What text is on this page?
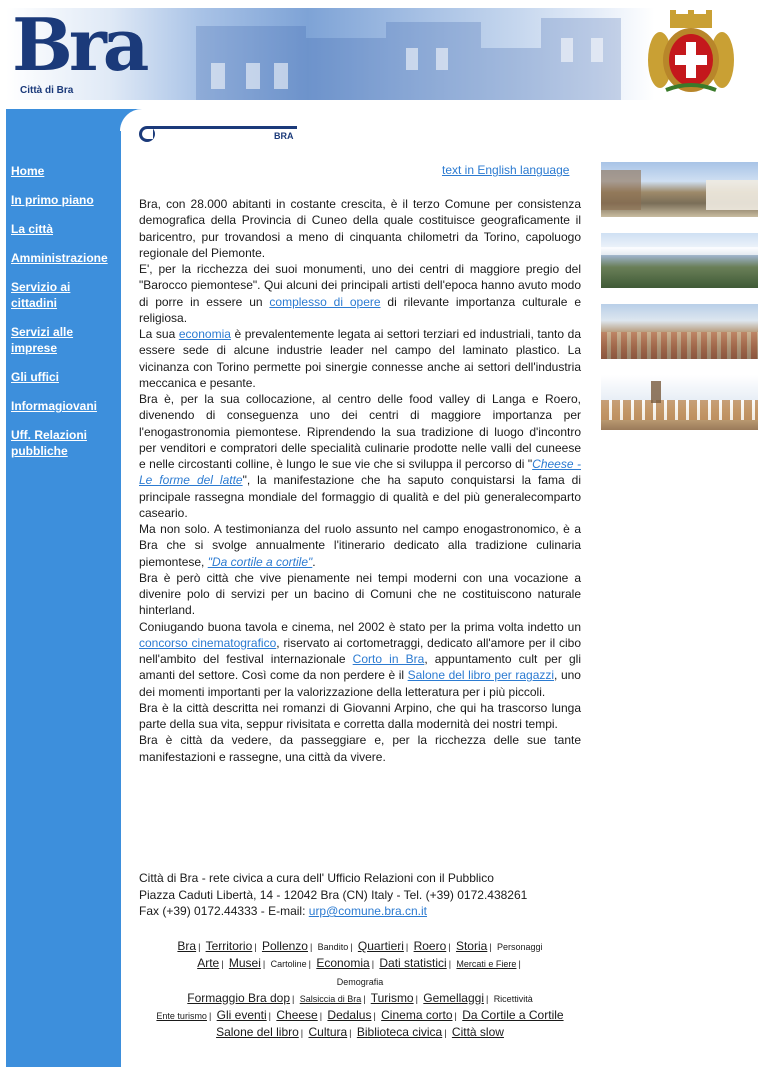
Bra
Città di Bra
Home
In primo piano
La città
Amministrazione
Servizio ai
cittadini
Servizi alle
imprese
Gli uffici
Informagiovani
Uff. Relazioni
pubbliche
BRA
text in English language

Bra, con 28.000 abitanti in costante crescita, è il terzo Comune per consistenza demografica della Provincia di Cuneo della quale costituisce geograficamente il baricentro, pur trovandosi a meno di cinquanta chilometri da Torino, capoluogo regionale del Piemonte.

E', per la ricchezza dei suoi monumenti, uno dei centri di maggiore pregio del "Barocco piemontese". Qui alcuni dei principali artisti dell'epoca hanno avuto modo di porre in essere un complesso di opere di rilevante importanza culturale e religiosa.

La sua economia è prevalentemente legata ai settori terziari ed industriali, tanto da essere sede di alcune industrie leader nel campo del laminato plastico. La vicinanza con Torino permette poi sinergie connesse anche ai settori dell'industria meccanica e pesante.

Bra è, per la sua collocazione, al centro delle food valley di Langa e Roero, divenendo di conseguenza uno dei centri di maggiore importanza per l'enogastronomia piemontese. Riprendendo la sua tradizione di luogo d'incontro per venditori e compratori delle specialità culinarie prodotte nelle valli del cuneese e nelle circostanti colline, è lungo le sue vie che si sviluppa il percorso di "Cheese - Le forme del latte", la manifestazione che ha saputo conquistarsi la fama di principale rassegna mondiale del formaggio di qualità e del più generalecomparto caseario.

Ma non solo. A testimonianza del ruolo assunto nel campo enogastronomico, è a Bra che si svolge annualmente l'itinerario dedicato alla tradizione culinaria piemontese, "Da cortile a cortile".

Bra è però città che vive pienamente nei tempi moderni con una vocazione a divenire polo di servizi per un bacino di Comuni che ne costituiscono naturale hinterland.

Coniugando buona tavola e cinema, nel 2002 è stato per la prima volta indetto un concorso cinematografico, riservato ai cortometraggi, dedicato all'amore per il cibo nell'ambito del festival internazionale Corto in Bra, appuntamento cult per gli amanti del settore. Così come da non perdere è il Salone del libro per ragazzi, uno dei momenti importanti per la valorizzazione della letteratura per i più piccoli.

Bra è la città descritta nei romanzi di Giovanni Arpino, che qui ha trascorso lunga parte della sua vita, seppur rivisitata e corretta dalla modernità dei nostri tempi.

Bra è città da vedere, da passeggiare e, per la ricchezza delle sue tante manifestazioni e rassegne, una città da vivere.

Città di Bra - rete civica a cura dell' Ufficio Relazioni con il Pubblico
Piazza Caduti Libertà, 14 - 12042 Bra (CN) Italy - Tel. (+39) 0172.438261
Fax (+39) 0172.44333 - E-mail: urp@comune.bra.cn.it
Bra | Territorio | Pollenzo | Bandito | Quartieri | Roero | Storia | Personaggi
Arte | Musei | Cartoline | Economia | Dati statistici | Mercati e Fiere |
Demografia
Formaggio Bra dop | Salsiccia di Bra | Turismo | Gemellaggi | Ricettività
Ente turismo | Gli eventi | Cheese | Dedalus | Cinema corto | Da Cortile a Cortile
Salone del libro | Cultura | Biblioteca civica | Città slow
